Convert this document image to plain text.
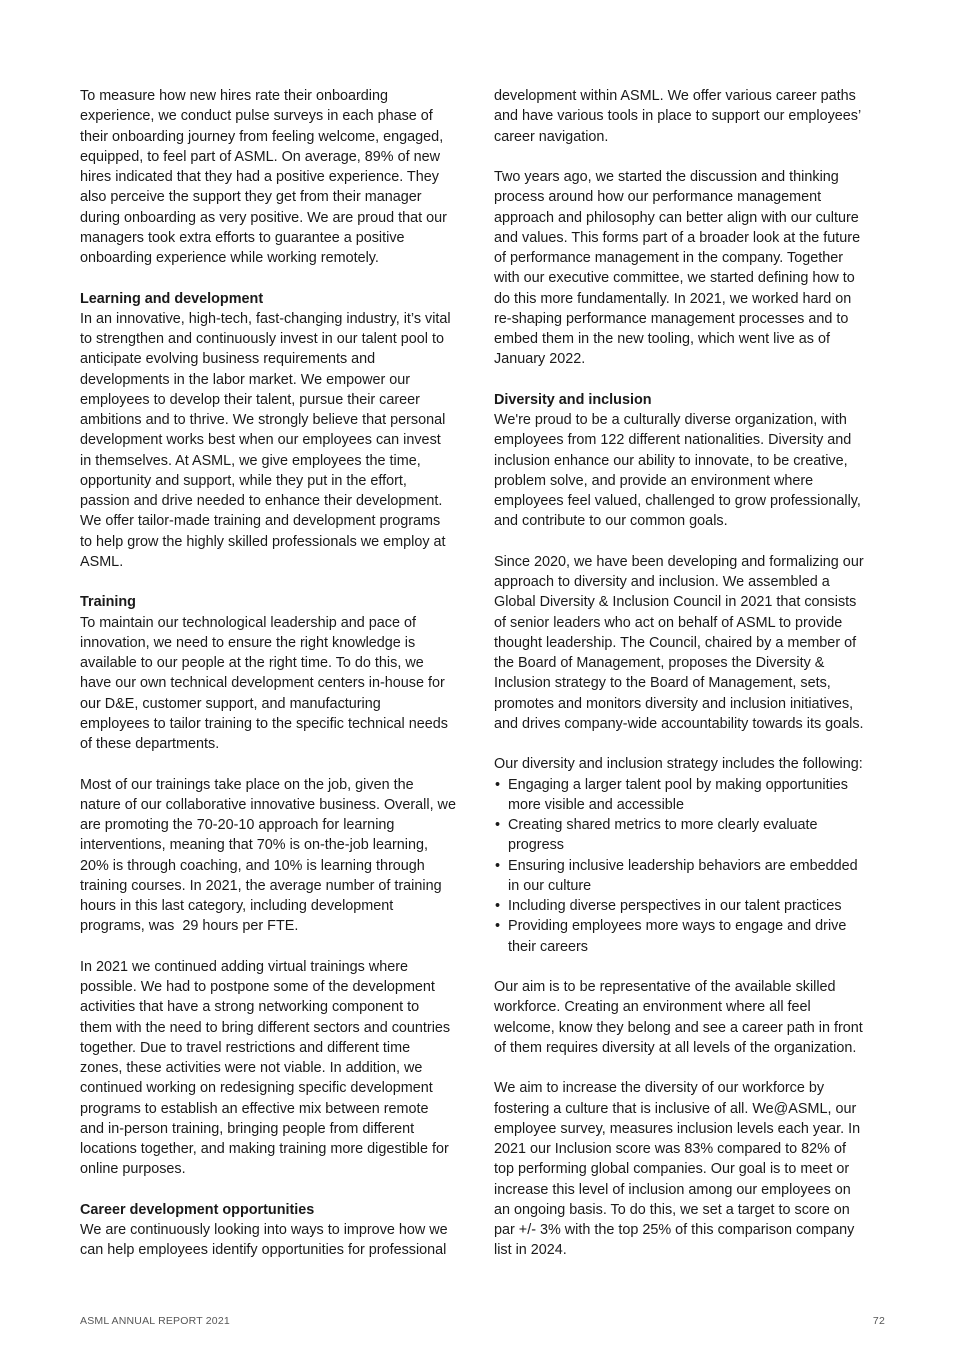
To measure how new hires rate their onboarding
experience, we conduct pulse surveys in each phase of
their onboarding journey from feeling welcome, engaged,
equipped, to feel part of ASML. On average, 89% of new
hires indicated that they had a positive experience. They
also perceive the support they get from their manager
during onboarding as very positive. We are proud that our
managers took extra efforts to guarantee a positive
onboarding experience while working remotely.

Learning and development

In an innovative, high-tech, fast-changing industry, it’s vital
to strengthen and continuously invest in our talent pool to
anticipate evolving business requirements and
developments in the labor market. We empower our
employees to develop their talent, pursue their career
ambitions and to thrive. We strongly believe that personal
development works best when our employees can invest
in themselves. At ASML, we give employees the time,
opportunity and support, while they put in the effort,
passion and drive needed to enhance their development.
We offer tailor-made training and development programs
to help grow the highly skilled professionals we employ at
ASML.

Training

To maintain our technological leadership and pace of
innovation, we need to ensure the right knowledge is
available to our people at the right time. To do this, we
have our own technical development centers in-house for
our D&E, customer support, and manufacturing
employees to tailor training to the specific technical needs
of these departments.

Most of our trainings take place on the job, given the
nature of our collaborative innovative business. Overall, we
are promoting the 70-20-10 approach for learning
interventions, meaning that 70% is on-the-job learning,
20% is through coaching, and 10% is learning through
training courses. In 2021, the average number of training
hours in this last category, including development
programs, was  29 hours per FTE.

In 2021 we continued adding virtual trainings where
possible. We had to postpone some of the development
activities that have a strong networking component to
them with the need to bring different sectors and countries
together. Due to travel restrictions and different time
zones, these activities were not viable. In addition, we
continued working on redesigning specific development
programs to establish an effective mix between remote
and in-person training, bringing people from different
locations together, and making training more digestible for
online purposes.

Career development opportunities

We are continuously looking into ways to improve how we
can help employees identify opportunities for professional

development within ASML. We offer various career paths
and have various tools in place to support our employees’
career navigation.

Two years ago, we started the discussion and thinking
process around how our performance management
approach and philosophy can better align with our culture
and values. This forms part of a broader look at the future
of performance management in the company. Together
with our executive committee, we started defining how to
do this more fundamentally. In 2021, we worked hard on
re-shaping performance management processes and to
embed them in the new tooling, which went live as of
January 2022.

Diversity and inclusion

We're proud to be a culturally diverse organization, with
employees from 122 different nationalities. Diversity and
inclusion enhance our ability to innovate, to be creative,
problem solve, and provide an environment where
employees feel valued, challenged to grow professionally,
and contribute to our common goals.

Since 2020, we have been developing and formalizing our
approach to diversity and inclusion. We assembled a
Global Diversity & Inclusion Council in 2021 that consists
of senior leaders who act on behalf of ASML to provide
thought leadership. The Council, chaired by a member of
the Board of Management, proposes the Diversity &
Inclusion strategy to the Board of Management, sets,
promotes and monitors diversity and inclusion initiatives,
and drives company-wide accountability towards its goals.

Our diversity and inclusion strategy includes the following:

• Engaging a larger talent pool by making opportunities
more visible and accessible
• Creating shared metrics to more clearly evaluate
progress
• Ensuring inclusive leadership behaviors are embedded
in our culture
• Including diverse perspectives in our talent practices
• Providing employees more ways to engage and drive
their careers

Our aim is to be representative of the available skilled
workforce. Creating an environment where all feel
welcome, know they belong and see a career path in front
of them requires diversity at all levels of the organization.

We aim to increase the diversity of our workforce by
fostering a culture that is inclusive of all. We@ASML, our
employee survey, measures inclusion levels each year. In
2021 our Inclusion score was 83% compared to 82% of
top performing global companies. Our goal is to meet or
increase this level of inclusion among our employees on
an ongoing basis. To do this, we set a target to score on
par +/- 3% with the top 25% of this comparison company
list in 2024.

ASML ANNUAL REPORT 2021	72
